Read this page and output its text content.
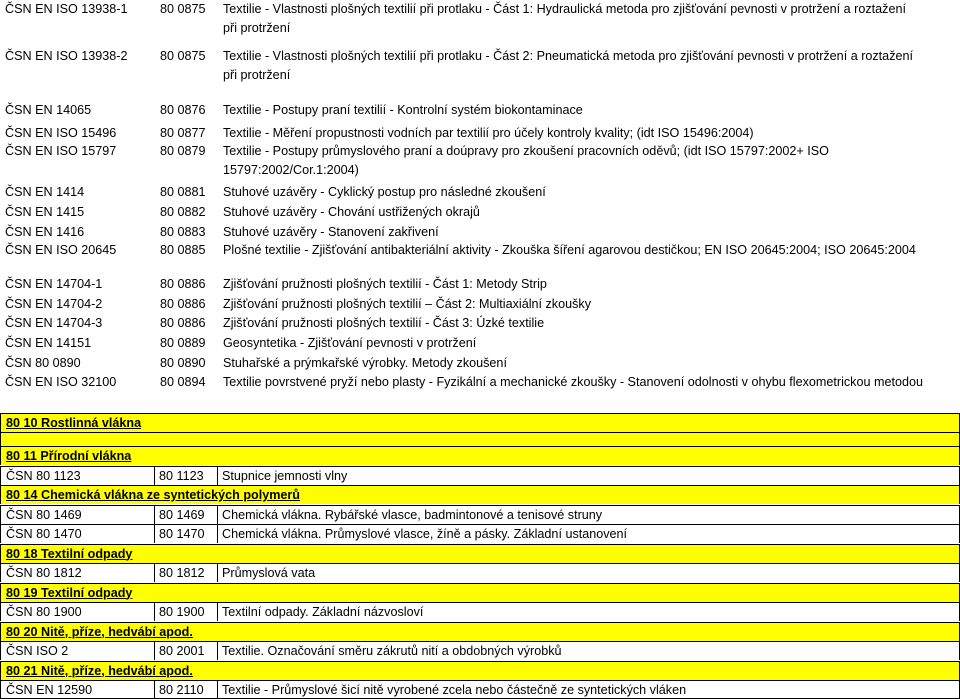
ČSN EN ISO 13938-1	80 0875	Textilie - Vlastnosti plošných textilií při protlaku - Část 1: Hydraulická metoda pro zjišťování pevnosti v protržení a roztažení
při protržení
ČSN EN ISO 13938-2	80 0875	Textilie - Vlastnosti plošných textilií při protlaku - Část 2: Pneumatická metoda pro zjišťování pevnosti v protržení a roztažení
při protržení
ČSN EN 14065	80 0876	Textilie - Postupy praní textilií - Kontrolní systém biokontaminace
ČSN EN ISO 15496	80 0877	Textilie - Měření propustnosti vodních par textilií pro účely kontroly kvality; (idt ISO 15496:2004)
ČSN EN ISO 15797	80 0879	Textilie - Postupy průmyslového praní a doúpravy pro zkoušení pracovních oděvů; (idt ISO 15797:2002+ ISO
15797:2002/Cor.1:2004)
ČSN EN 1414	80 0881	Stuhové uzávěry - Cyklický postup pro následné zkoušení
ČSN EN 1415	80 0882	Stuhové uzávěry - Chování ustřižených okrajů
ČSN EN 1416	80 0883	Stuhové uzávěry - Stanovení zakřivení
ČSN EN ISO 20645	80 0885	Plošné textilie - Zjišťování antibakteriální aktivity - Zkouška šíření agarovou destičkou; EN ISO 20645:2004; ISO 20645:2004
ČSN EN 14704-1	80 0886	Zjišťování pružnosti plošných textilií - Část 1: Metody Strip
ČSN EN 14704-2	80 0886	Zjišťování pružnosti plošných textilií – Část 2: Multiaxiální zkoušky
ČSN EN 14704-3	80 0886	Zjišťování pružnosti plošných textilií - Část 3: Úzké textilie
ČSN EN 14151	80 0889	Geosyntetika - Zjišťování pevnosti v protržení
ČSN 80 0890	80 0890	Stuhařské a prýmkařské výrobky. Metody zkoušení
ČSN EN ISO 32100	80 0894	Textilie povrstvené pryží nebo plasty - Fyzikální a mechanické zkoušky - Stanovení odolnosti v ohybu flexometrickou metodou
80 10 Rostlinná vlákna
80 11 Přírodní vlákna
ČSN 80 1123	80 1123	Stupnice jemnosti vlny
80 14 Chemická vlákna ze syntetických polymerů
ČSN 80 1469	80 1469	Chemická vlákna. Rybářské vlasce, badmintonové a tenisové struny
ČSN 80 1470	80 1470	Chemická vlákna. Průmyslové vlasce, žíně a pásky. Základní ustanovení
80 18 Textilní odpady
ČSN 80 1812	80 1812	Průmyslová vata
80 19 Textilní odpady
ČSN 80 1900	80 1900	Textilní odpady. Základní názvosloví
80 20 Nitě, příze, hedvábí apod.
ČSN ISO 2	80 2001	Textilie. Označování směru zákrutů nití a obdobných výrobků
80 21 Nitě, příze, hedvábí apod.
ČSN EN 12590	80 2110	Textilie - Průmyslové šicí nitě vyrobené zcela nebo částečně ze syntetických vláken
